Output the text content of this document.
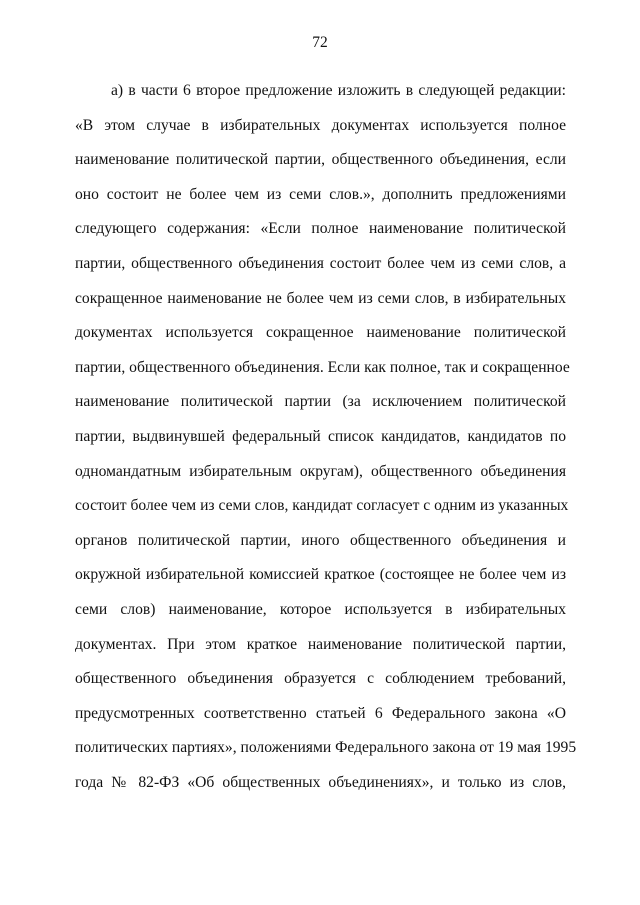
72
а) в части 6 второе предложение изложить в следующей редакции:
«В этом случае в избирательных документах используется полное
наименование политической партии, общественного объединения, если
оно состоит не более чем из семи слов.», дополнить предложениями
следующего содержания: «Если полное наименование политической
партии, общественного объединения состоит более чем из семи слов, а
сокращенное наименование не более чем из семи слов, в избирательных
документах используется сокращенное наименование политической
партии, общественного объединения. Если как полное, так и сокращенное
наименование политической партии (за исключением политической
партии, выдвинувшей федеральный список кандидатов, кандидатов по
одномандатным избирательным округам), общественного объединения
состоит более чем из семи слов, кандидат согласует с одним из указанных
органов политической партии, иного общественного объединения и
окружной избирательной комиссией краткое (состоящее не более чем из
семи слов) наименование, которое используется в избирательных
документах. При этом краткое наименование политической партии,
общественного объединения образуется с соблюдением требований,
предусмотренных соответственно статьей 6 Федерального закона «О
политических партиях», положениями Федерального закона от 19 мая 1995
года № 82-ФЗ «Об общественных объединениях», и только из слов,
